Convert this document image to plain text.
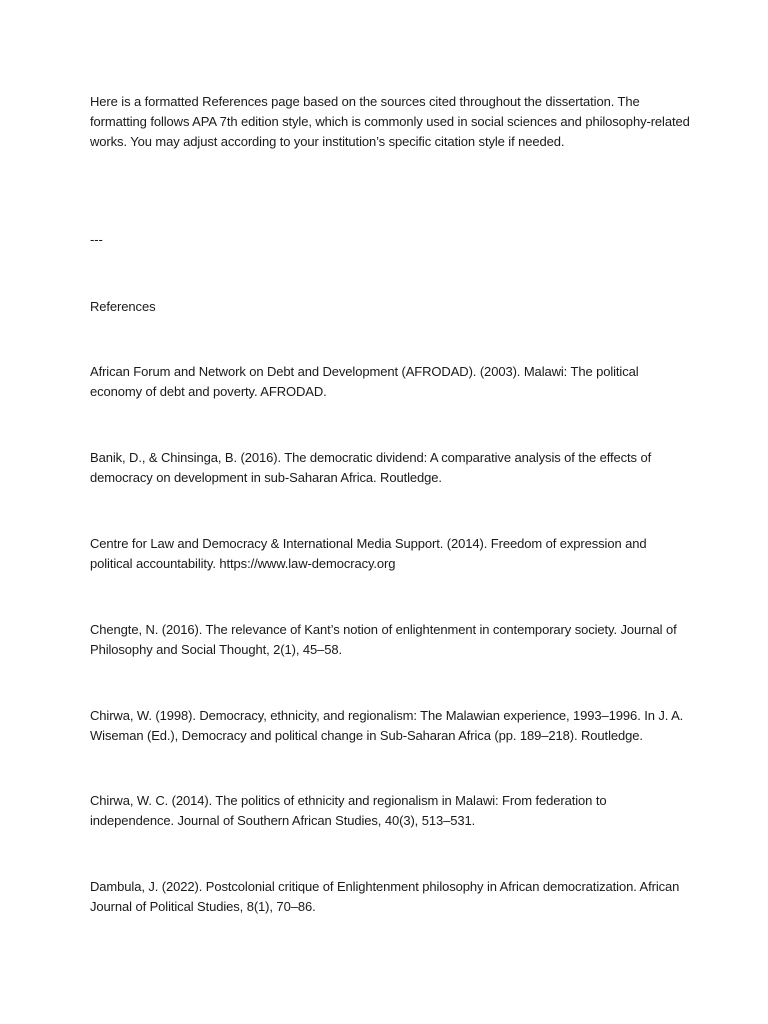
Here is a formatted References page based on the sources cited throughout the dissertation. The formatting follows APA 7th edition style, which is commonly used in social sciences and philosophy-related works. You may adjust according to your institution’s specific citation style if needed.

---

References

African Forum and Network on Debt and Development (AFRODAD). (2003). Malawi: The political economy of debt and poverty. AFRODAD.

Banik, D., & Chinsinga, B. (2016). The democratic dividend: A comparative analysis of the effects of democracy on development in sub-Saharan Africa. Routledge.

Centre for Law and Democracy & International Media Support. (2014). Freedom of expression and political accountability. https://www.law-democracy.org

Chengte, N. (2016). The relevance of Kant’s notion of enlightenment in contemporary society. Journal of Philosophy and Social Thought, 2(1), 45–58.

Chirwa, W. (1998). Democracy, ethnicity, and regionalism: The Malawian experience, 1993–1996. In J. A. Wiseman (Ed.), Democracy and political change in Sub-Saharan Africa (pp. 189–218). Routledge.

Chirwa, W. C. (2014). The politics of ethnicity and regionalism in Malawi: From federation to independence. Journal of Southern African Studies, 40(3), 513–531.

Dambula, J. (2022). Postcolonial critique of Enlightenment philosophy in African democratization. African Journal of Political Studies, 8(1), 70–86.
